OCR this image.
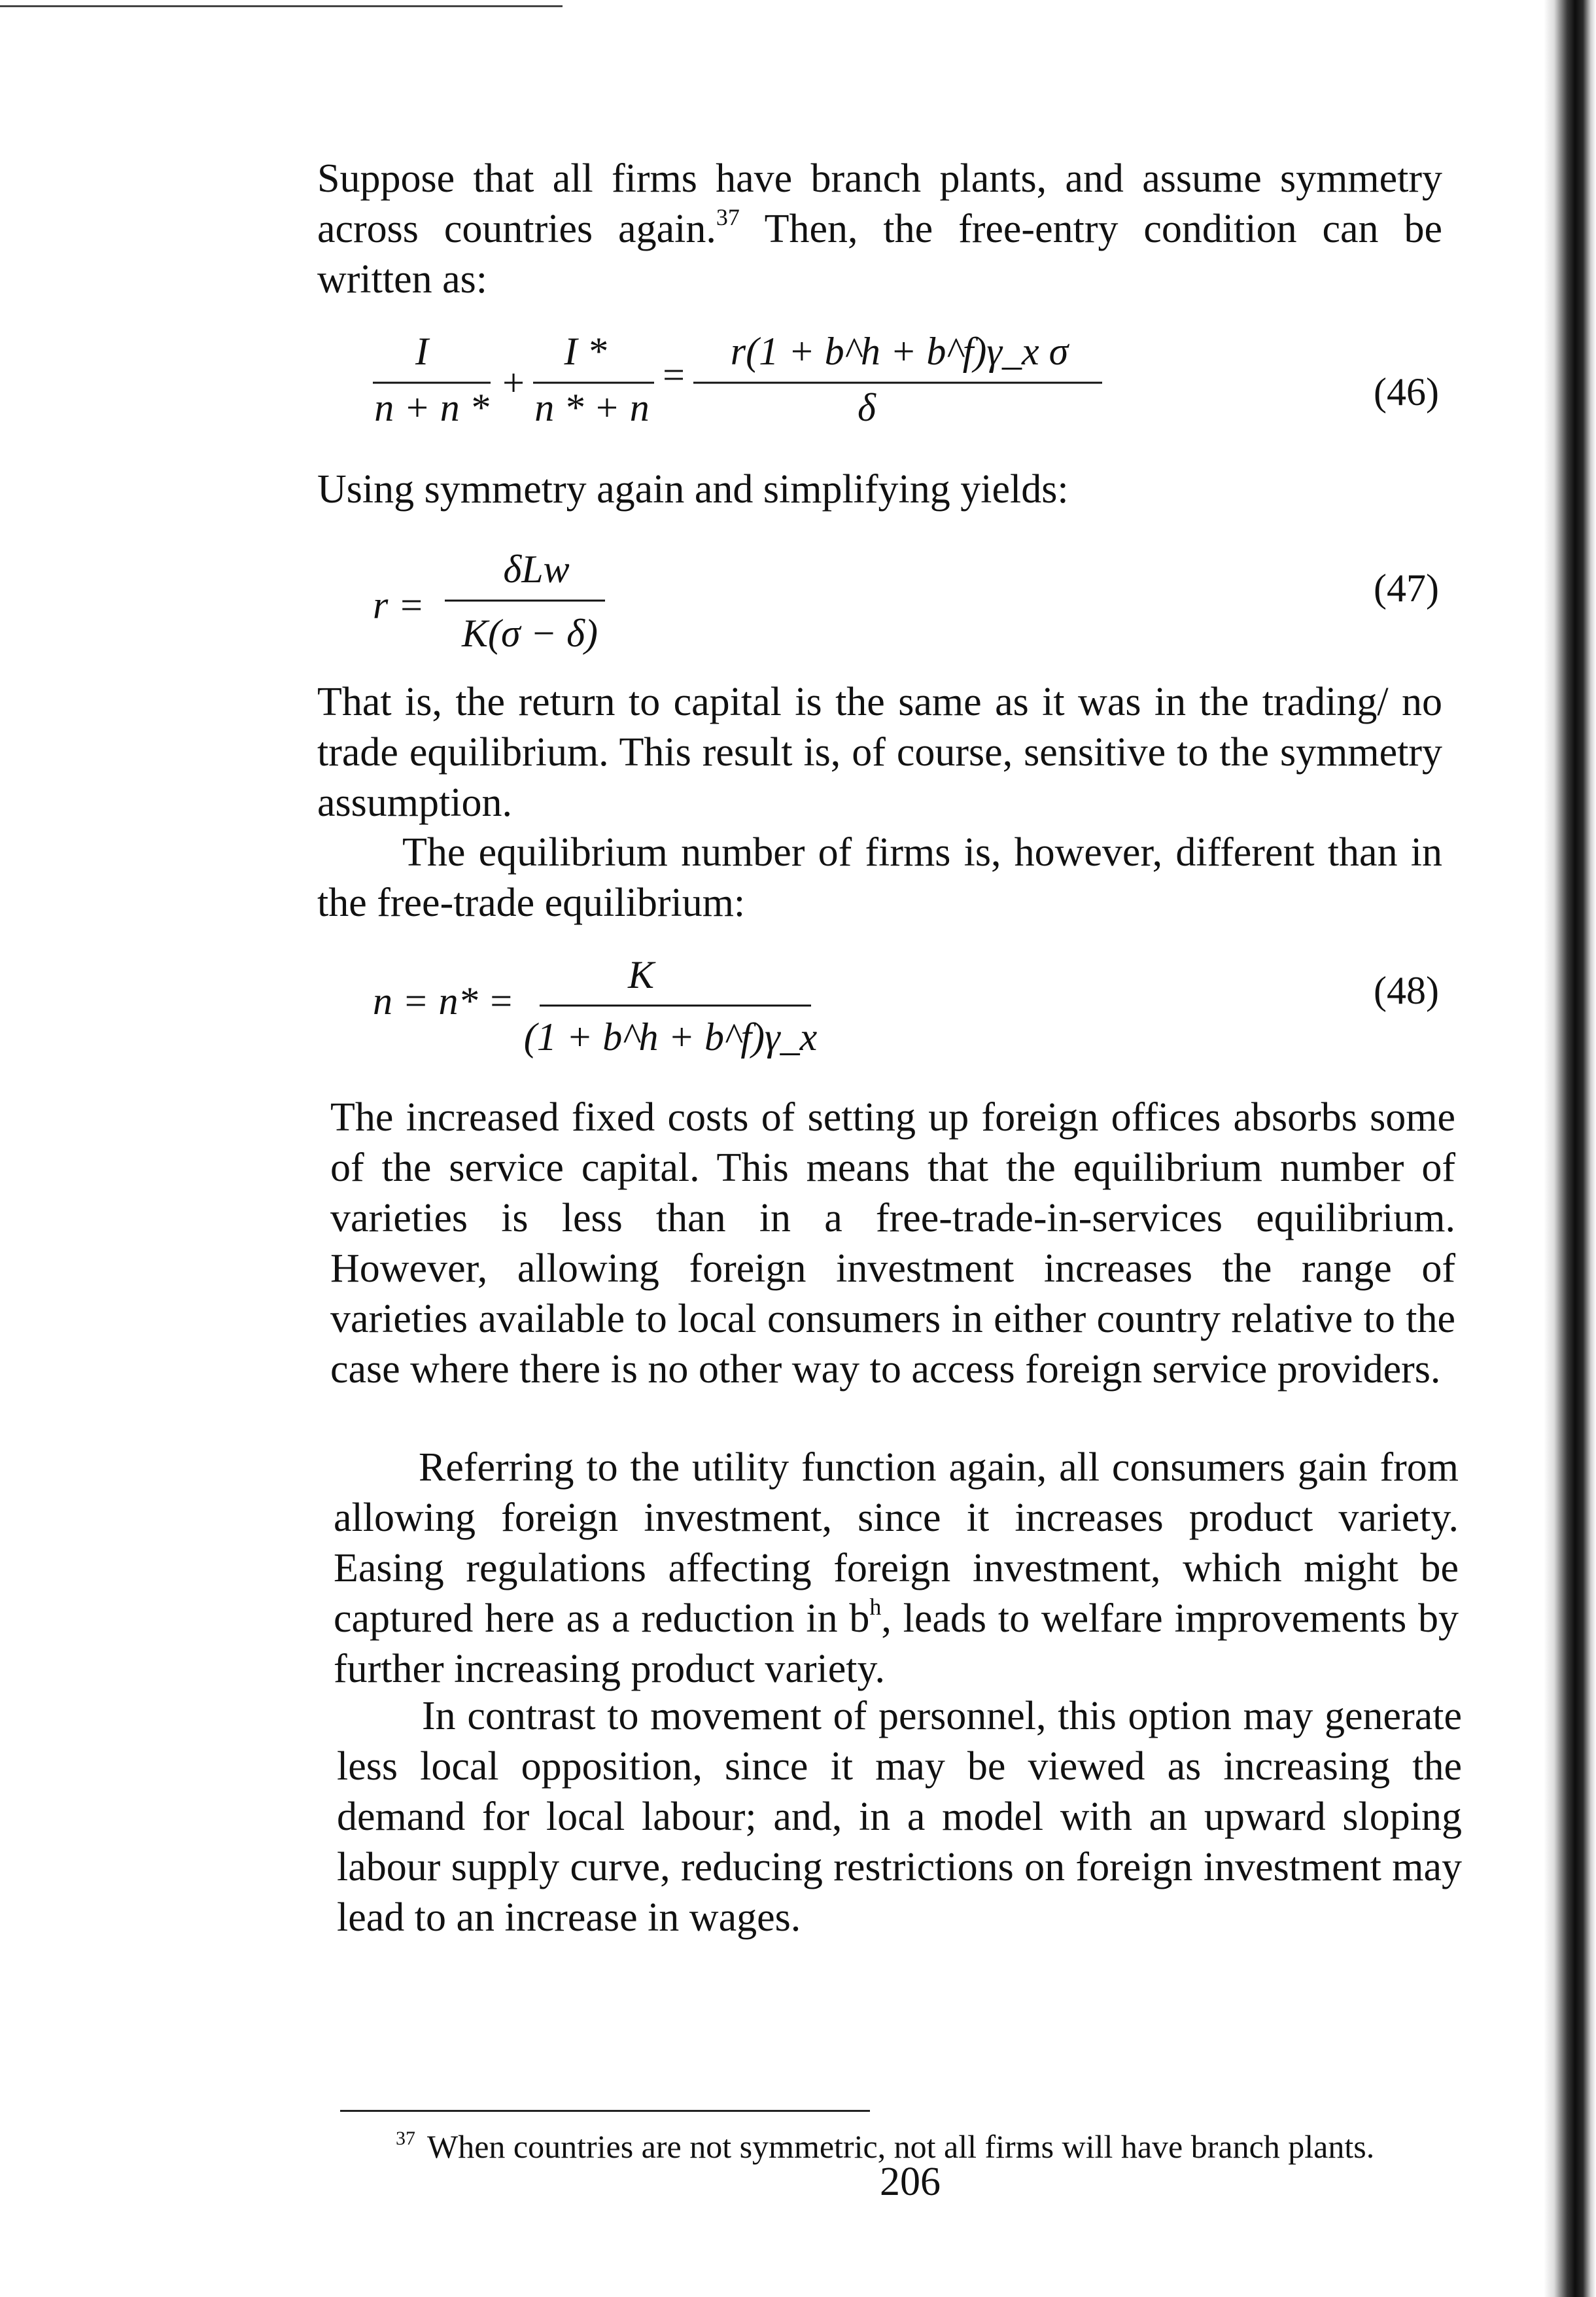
Suppose that all firms have branch plants, and assume symmetry across countries again.$^{37}$ Then, the free-entry condition can be written as:

I
n + n *
+
I *
n * + n
=
r(1 + b^h + b^f)γ_x σ
δ	(46)

Using symmetry again and simplifying yields:

r =
δLw
K(σ − δ)
(47)

That is, the return to capital is the same as it was in the trading/ no trade equilibrium. This result is, of course, sensitive to the symmetry assumption.

The equilibrium number of firms is, however, different than in the free-trade equilibrium:

n = n* =
K
(1 + b^h + b^f)γ_x
(48)

The increased fixed costs of setting up foreign offices absorbs some of the service capital. This means that the equilibrium number of varieties is less than in a free-trade-in-services equilibrium. However, allowing foreign investment increases the range of varieties available to local consumers in either country relative to the case where there is no other way to access foreign service providers.

Referring to the utility function again, all consumers gain from allowing foreign investment, since it increases product variety. Easing regulations affecting foreign investment, which might be captured here as a reduction in b$^h$, leads to welfare improvements by further increasing product variety.

In contrast to movement of personnel, this option may generate less local opposition, since it may be viewed as increasing the demand for local labour; and, in a model with an upward sloping labour supply curve, reducing restrictions on foreign investment may lead to an increase in wages.

$^{37}$ When countries are not symmetric, not all firms will have branch plants.

206
